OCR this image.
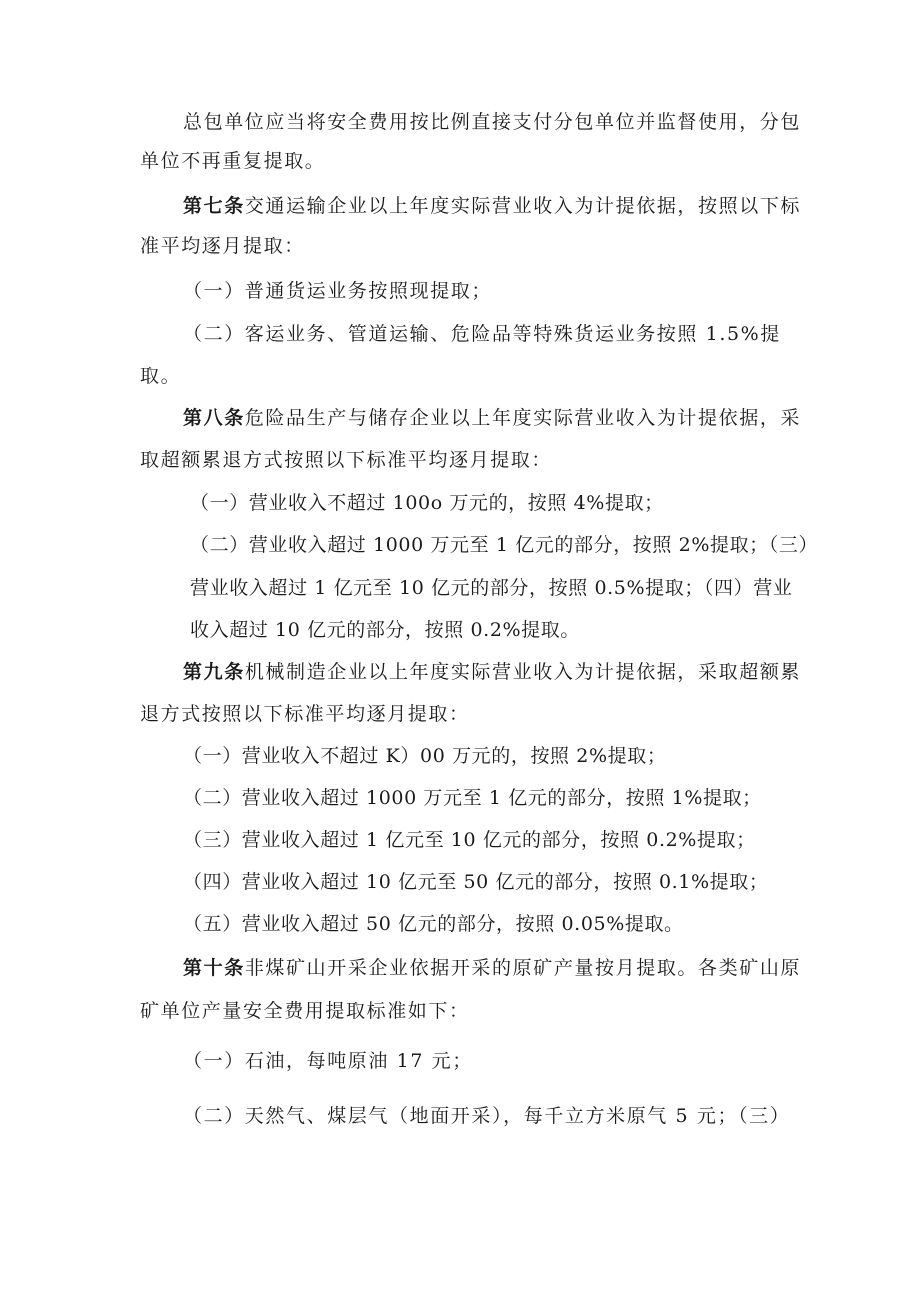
总包单位应当将安全费用按比例直接支付分包单位并监督使用，分包
单位不再重复提取。
第七条交通运输企业以上年度实际营业收入为计提依据，按照以下标
准平均逐月提取：
（一）普通货运业务按照现提取；
（二）客运业务、管道运输、危险品等特殊货运业务按照 1.5%提
取。
第八条危险品生产与储存企业以上年度实际营业收入为计提依据，采
取超额累退方式按照以下标准平均逐月提取：
（一）营业收入不超过 100o 万元的，按照 4%提取；
（二）营业收入超过 1000 万元至 1 亿元的部分，按照 2%提取；（三）
营业收入超过 1 亿元至 10 亿元的部分，按照 0.5%提取；（四）营业
收入超过 10 亿元的部分，按照 0.2%提取。
第九条机械制造企业以上年度实际营业收入为计提依据，采取超额累
退方式按照以下标准平均逐月提取：
（一）营业收入不超过 K）00 万元的，按照 2%提取；
（二）营业收入超过 1000 万元至 1 亿元的部分，按照 1%提取；
（三）营业收入超过 1 亿元至 10 亿元的部分，按照 0.2%提取；
（四）营业收入超过 10 亿元至 50 亿元的部分，按照 0.1%提取；
（五）营业收入超过 50 亿元的部分，按照 0.05%提取。
第十条非煤矿山开采企业依据开采的原矿产量按月提取。各类矿山原
矿单位产量安全费用提取标准如下：
（一）石油，每吨原油 17 元；
（二）天然气、煤层气（地面开采），每千立方米原气 5 元；（三）
